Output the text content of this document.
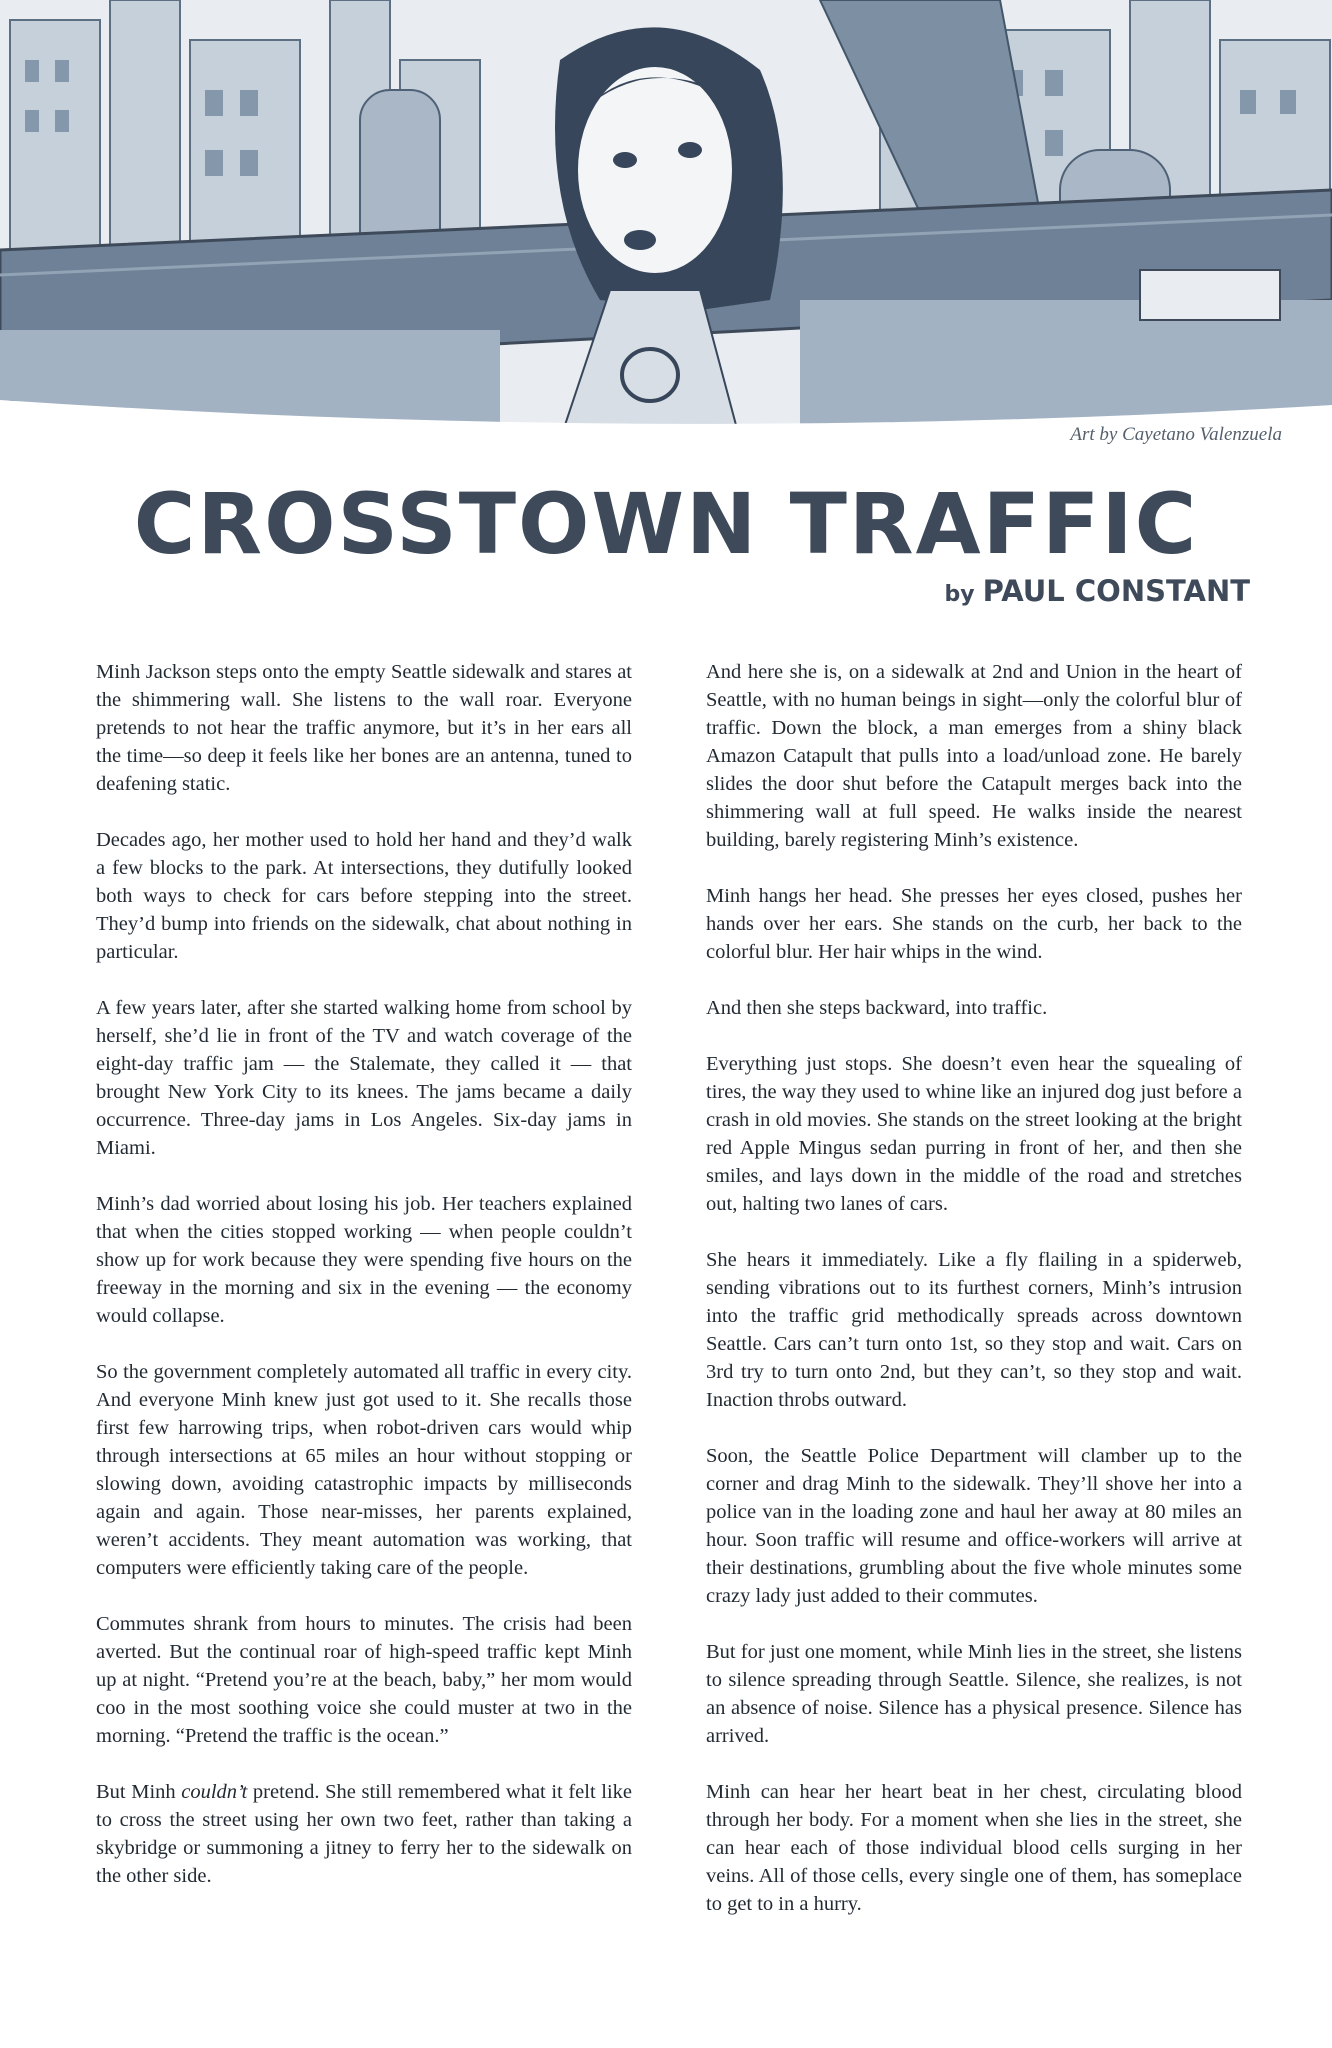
Art by Cayetano Valenzuela
CROSSTOWN TRAFFIC
by PAUL CONSTANT

Minh Jackson steps onto the empty Seattle sidewalk and stares at the shimmering wall. She listens to the wall roar. Everyone pretends to not hear the traffic anymore, but it’s in her ears all the time—so deep it feels like her bones are an antenna, tuned to deafening static.

Decades ago, her mother used to hold her hand and they’d walk a few blocks to the park. At intersections, they dutifully looked both ways to check for cars before stepping into the street. They’d bump into friends on the sidewalk, chat about nothing in particular.

A few years later, after she started walking home from school by herself, she’d lie in front of the TV and watch coverage of the eight-day traffic jam — the Stalemate, they called it — that brought New York City to its knees. The jams became a daily occurrence. Three-day jams in Los Angeles. Six-day jams in Miami.

Minh’s dad worried about losing his job. Her teachers explained that when the cities stopped working — when people couldn’t show up for work because they were spending five hours on the freeway in the morning and six in the evening — the economy would collapse.

So the government completely automated all traffic in every city. And everyone Minh knew just got used to it. She recalls those first few harrowing trips, when robot-driven cars would whip through intersections at 65 miles an hour without stopping or slowing down, avoiding catastrophic impacts by milliseconds again and again. Those near-misses, her parents explained, weren’t accidents. They meant automation was working, that computers were efficiently taking care of the people.

Commutes shrank from hours to minutes. The crisis had been averted. But the continual roar of high-speed traffic kept Minh up at night. “Pretend you’re at the beach, baby,” her mom would coo in the most soothing voice she could muster at two in the morning. “Pretend the traffic is the ocean.”

But Minh couldn’t pretend. She still remembered what it felt like to cross the street using her own two feet, rather than taking a skybridge or summoning a jitney to ferry her to the sidewalk on the other side.

And here she is, on a sidewalk at 2nd and Union in the heart of Seattle, with no human beings in sight—only the colorful blur of traffic. Down the block, a man emerges from a shiny black Amazon Catapult that pulls into a load/unload zone. He barely slides the door shut before the Catapult merges back into the shimmering wall at full speed. He walks inside the nearest building, barely registering Minh’s existence.

Minh hangs her head. She presses her eyes closed, pushes her hands over her ears. She stands on the curb, her back to the colorful blur. Her hair whips in the wind.

And then she steps backward, into traffic.

Everything just stops. She doesn’t even hear the squealing of tires, the way they used to whine like an injured dog just before a crash in old movies. She stands on the street looking at the bright red Apple Mingus sedan purring in front of her, and then she smiles, and lays down in the middle of the road and stretches out, halting two lanes of cars.

She hears it immediately. Like a fly flailing in a spiderweb, sending vibrations out to its furthest corners, Minh’s intrusion into the traffic grid methodically spreads across downtown Seattle. Cars can’t turn onto 1st, so they stop and wait. Cars on 3rd try to turn onto 2nd, but they can’t, so they stop and wait. Inaction throbs outward.

Soon, the Seattle Police Department will clamber up to the corner and drag Minh to the sidewalk. They’ll shove her into a police van in the loading zone and haul her away at 80 miles an hour. Soon traffic will resume and office-workers will arrive at their destinations, grumbling about the five whole minutes some crazy lady just added to their commutes.

But for just one moment, while Minh lies in the street, she listens to silence spreading through Seattle. Silence, she realizes, is not an absence of noise. Silence has a physical presence. Silence has arrived.

Minh can hear her heart beat in her chest, circulating blood through her body. For a moment when she lies in the street, she can hear each of those individual blood cells surging in her veins. All of those cells, every single one of them, has someplace to get to in a hurry.
